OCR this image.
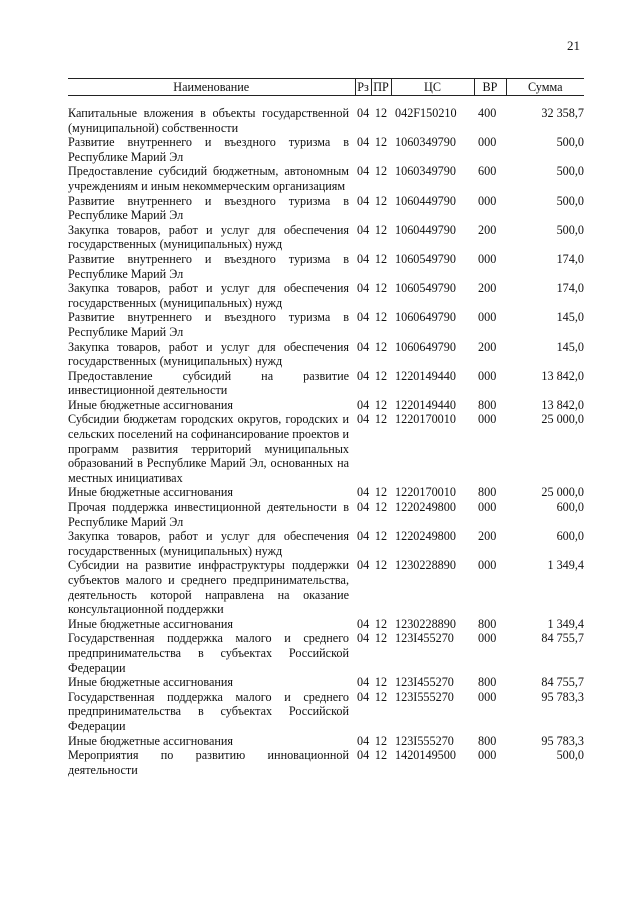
21
Наименование	Рз	ПР	ЦС	ВР	Сумма

Капитальные вложения в объекты государственной (муниципальной) собственности	04	12	042F150210	400	32 358,7
Развитие внутреннего и въездного туризма в Республике Марий Эл	04	12	1060349790	000	500,0
Предоставление субсидий бюджетным, автономным учреждениям и иным некоммерческим организациям	04	12	1060349790	600	500,0
Развитие внутреннего и въездного туризма в Республике Марий Эл	04	12	1060449790	000	500,0
Закупка товаров, работ и услуг для обеспечения государственных (муниципальных) нужд	04	12	1060449790	200	500,0
Развитие внутреннего и въездного туризма в Республике Марий Эл	04	12	1060549790	000	174,0
Закупка товаров, работ и услуг для обеспечения государственных (муниципальных) нужд	04	12	1060549790	200	174,0
Развитие внутреннего и въездного туризма в Республике Марий Эл	04	12	1060649790	000	145,0
Закупка товаров, работ и услуг для обеспечения государственных (муниципальных) нужд	04	12	1060649790	200	145,0
Предоставление субсидий на развитие инвестиционной деятельности	04	12	1220149440	000	13 842,0
Иные бюджетные ассигнования	04	12	1220149440	800	13 842,0
Субсидии бюджетам городских округов, городских и сельских поселений на софинансирование проектов и программ развития территорий муниципальных образований в Республике Марий Эл, основанных на местных инициативах	04	12	1220170010	000	25 000,0
Иные бюджетные ассигнования	04	12	1220170010	800	25 000,0
Прочая поддержка инвестиционной деятельности в Республике Марий Эл	04	12	1220249800	000	600,0
Закупка товаров, работ и услуг для обеспечения государственных (муниципальных) нужд	04	12	1220249800	200	600,0
Субсидии на развитие инфраструктуры поддержки субъектов малого и среднего предпринимательства, деятельность которой направлена на оказание консультационной поддержки	04	12	1230228890	000	1 349,4
Иные бюджетные ассигнования	04	12	1230228890	800	1 349,4
Государственная поддержка малого и среднего предпринимательства в субъектах Российской Федерации	04	12	123I455270	000	84 755,7
Иные бюджетные ассигнования	04	12	123I455270	800	84 755,7
Государственная поддержка малого и среднего предпринимательства в субъектах Российской Федерации	04	12	123I555270	000	95 783,3
Иные бюджетные ассигнования	04	12	123I555270	800	95 783,3
Мероприятия по развитию инновационной деятельности	04	12	1420149500	000	500,0
